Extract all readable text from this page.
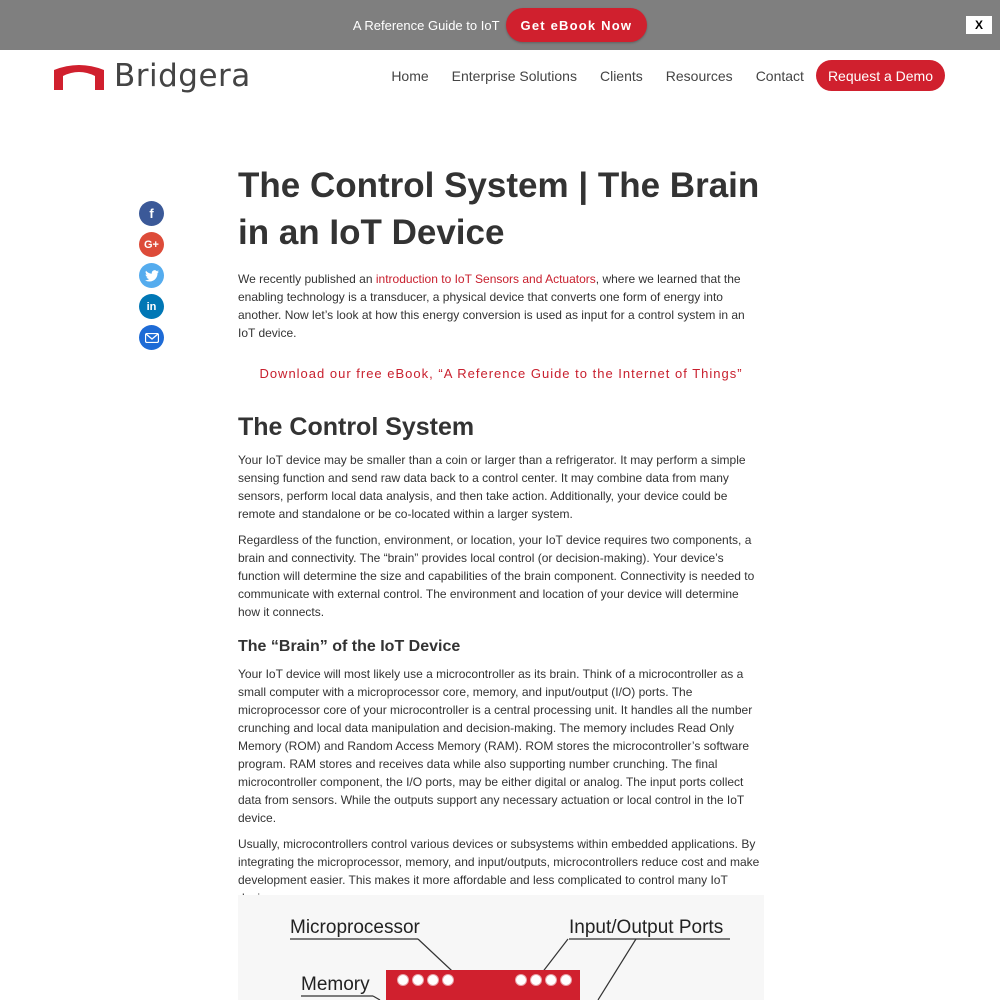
A Reference Guide to IoT	Get eBook Now	X
Bridgera	Home Enterprise Solutions Clients Resources Contact	Request a Demo
f
G+
in
The Control System | The Brain in an IoT Device

We recently published an introduction to IoT Sensors and Actuators, where we learned that the enabling technology is a transducer, a physical device that converts one form of energy into another. Now let’s look at how this energy conversion is used as input for a control system in an IoT device.

Download our free eBook, “A Reference Guide to the Internet of Things”
The Control System

Your IoT device may be smaller than a coin or larger than a refrigerator. It may perform a simple sensing function and send raw data back to a control center. It may combine data from many sensors, perform local data analysis, and then take action. Additionally, your device could be remote and standalone or be co-located within a larger system.

Regardless of the function, environment, or location, your IoT device requires two components, a brain and connectivity. The “brain” provides local control (or decision-making). Your device’s function will determine the size and capabilities of the brain component. Connectivity is needed to communicate with external control. The environment and location of your device will determine how it connects.

The “Brain” of the IoT Device

Your IoT device will most likely use a microcontroller as its brain. Think of a microcontroller as a small computer with a microprocessor core, memory, and input/output (I/O) ports. The microprocessor core of your microcontroller is a central processing unit. It handles all the number crunching and local data manipulation and decision-making. The memory includes Read Only Memory (ROM) and Random Access Memory (RAM). ROM stores the microcontroller’s software program. RAM stores and receives data while also supporting number crunching. The final microcontroller component, the I/O ports, may be either digital or analog. The input ports collect data from sensors. While the outputs support any necessary actuation or local control in the IoT device.

Usually, microcontrollers control various devices or subsystems within embedded applications. By integrating the microprocessor, memory, and input/outputs, microcontrollers reduce cost and make development easier. This makes it more affordable and less complicated to control many IoT

Microprocessor	Input/Output Ports
Memory
